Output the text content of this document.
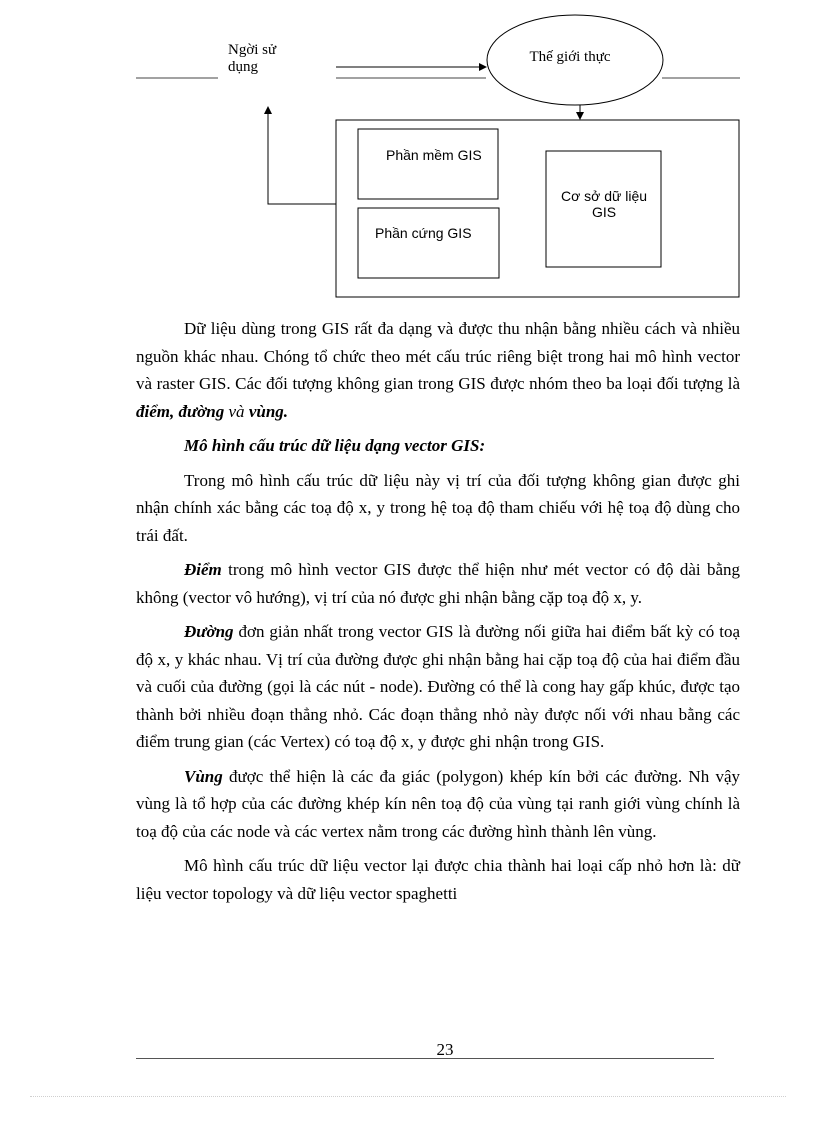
Ngời sử dụng
Thế giới thực
Phần mềm GIS
Phần cứng GIS
Cơ sở dữ liệu GIS

Dữ liệu dùng trong GIS rất đa dạng và được thu nhận bằng nhiều cách và nhiều nguồn khác nhau. Chóng tổ chức theo mét cấu trúc riêng biệt trong hai mô hình vector và raster GIS. Các đối tượng không gian trong GIS được nhóm theo ba loại đối tượng là điểm, đường và vùng.

Mô hình cấu trúc dữ liệu dạng vector GIS:

Trong mô hình cấu trúc dữ liệu này vị trí của đối tượng không gian được ghi nhận chính xác bằng các toạ độ x, y trong hệ toạ độ tham chiếu với hệ toạ độ dùng cho trái đất.

Điểm trong mô hình vector GIS được thể hiện như mét vector có độ dài bằng không (vector vô hướng), vị trí của nó được ghi nhận bằng cặp toạ độ x, y.

Đường đơn giản nhất trong vector GIS là đường nối giữa hai điểm bất kỳ có toạ độ x, y khác nhau. Vị trí của đường được ghi nhận bằng hai cặp toạ độ của hai điểm đầu và cuối của đường (gọi là các nút - node). Đường có thể là cong hay gấp khúc, được tạo thành bởi nhiều đoạn thẳng nhỏ. Các đoạn thẳng nhỏ này được nối với nhau bằng các điểm trung gian (các Vertex) có toạ độ x, y được ghi nhận trong GIS.

Vùng được thể hiện là các đa giác (polygon) khép kín bởi các đường. Nh vậy vùng là tổ hợp của các đường khép kín nên toạ độ của vùng tại ranh giới vùng chính là toạ độ của các node và các vertex nằm trong các đường hình thành lên vùng.

Mô hình cấu trúc dữ liệu vector lại được chia thành hai loại cấp nhỏ hơn là: dữ liệu vector topology và dữ liệu vector spaghetti

23
